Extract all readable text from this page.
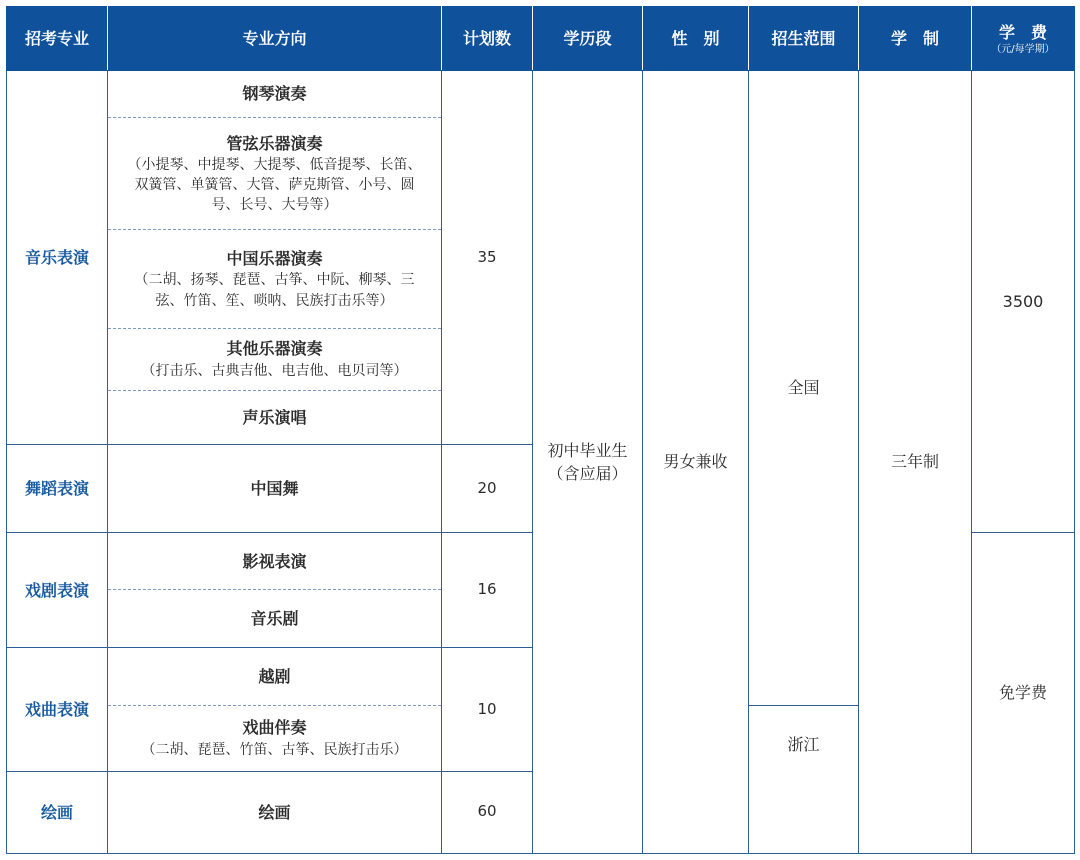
招考专业	专业方向	计划数	学历段	性　别	招生范围	学　制	学　费
（元/每学期）

音乐表演	钢琴演奏	35	初中毕业生（含应届）	男女兼收	全国	三年制	3500

	管弦乐器演奏
（小提琴、中提琴、大提琴、低音提琴、长笛、双簧管、单簧管、大管、萨克斯管、小号、圆号、长号、大号等）						

	中国乐器演奏
（二胡、扬琴、琵琶、古筝、中阮、柳琴、三弦、竹笛、笙、唢呐、民族打击乐等）						

	其他乐器演奏
（打击乐、古典吉他、电吉他、电贝司等）						

	声乐演唱						

舞蹈表演	中国舞	20					
戏剧表演	影视表演	16					免学费

	音乐剧						

戏曲表演	越剧	10					

	戏曲伴奏
（二胡、琵琶、竹笛、古筝、民族打击乐）				浙江		
绘画	绘画	60					
